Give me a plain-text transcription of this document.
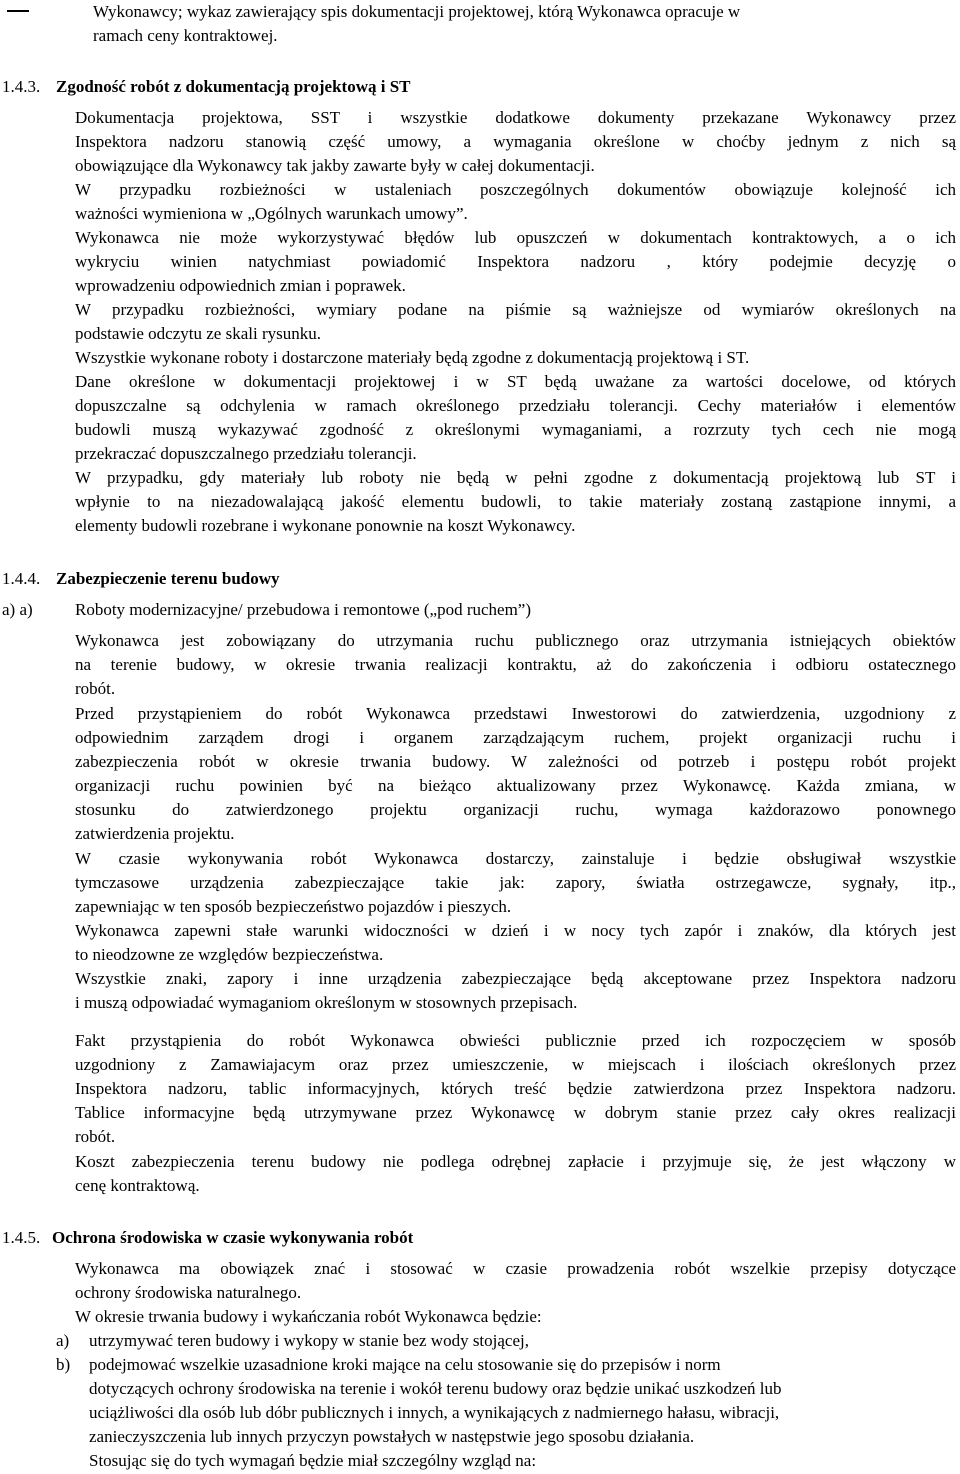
Wykonawcy; wykaz zawierający spis dokumentacji projektowej, którą Wykonawca opracuje w

ramach ceny kontraktowej.

1.4.3. Zgodność robót z dokumentacją projektową i ST

Dokumentacja projektowa, SST i wszystkie dodatkowe dokumenty przekazane Wykonawcy przez

Inspektora nadzoru stanowią część umowy, a wymagania określone w choćby jednym z nich są

obowiązujące dla Wykonawcy tak jakby zawarte były w całej dokumentacji.

W przypadku rozbieżności w ustaleniach poszczególnych dokumentów obowiązuje kolejność ich

ważności wymieniona w „Ogólnych warunkach umowy”.

Wykonawca nie może wykorzystywać błędów lub opuszczeń w dokumentach kontraktowych, a o ich

wykryciu winien natychmiast powiadomić Inspektora nadzoru , który podejmie decyzję o

wprowadzeniu odpowiednich zmian i poprawek.

W przypadku rozbieżności, wymiary podane na piśmie są ważniejsze od wymiarów określonych na

podstawie odczytu ze skali rysunku.

Wszystkie wykonane roboty i dostarczone materiały będą zgodne z dokumentacją projektową i ST.

Dane określone w dokumentacji projektowej i w ST będą uważane za wartości docelowe, od których

dopuszczalne są odchylenia w ramach określonego przedziału tolerancji. Cechy materiałów i elementów

budowli muszą wykazywać zgodność z określonymi wymaganiami, a rozrzuty tych cech nie mogą

przekraczać dopuszczalnego przedziału tolerancji.

W przypadku, gdy materiały lub roboty nie będą w pełni zgodne z dokumentacją projektową lub ST i

wpłynie to na niezadowalającą jakość elementu budowli, to takie materiały zostaną zastąpione innymi, a

elementy budowli rozebrane i wykonane ponownie na koszt Wykonawcy.

1.4.4. Zabezpieczenie terenu budowy

a) a) Roboty modernizacyjne/ przebudowa i remontowe („pod ruchem”)

Wykonawca jest zobowiązany do utrzymania ruchu publicznego oraz utrzymania istniejących obiektów

na terenie budowy, w okresie trwania realizacji kontraktu, aż do zakończenia i odbioru ostatecznego

robót.

Przed przystąpieniem do robót Wykonawca przedstawi Inwestorowi do zatwierdzenia, uzgodniony z

odpowiednim zarządem drogi i organem zarządzającym ruchem, projekt organizacji ruchu i

zabezpieczenia robót w okresie trwania budowy. W zależności od potrzeb i postępu robót projekt

organizacji ruchu powinien być na bieżąco aktualizowany przez Wykonawcę. Każda zmiana, w

stosunku do zatwierdzonego projektu organizacji ruchu, wymaga każdorazowo ponownego

zatwierdzenia projektu.

W czasie wykonywania robót Wykonawca dostarczy, zainstaluje i będzie obsługiwał wszystkie

tymczasowe urządzenia zabezpieczające takie jak: zapory, światła ostrzegawcze, sygnały, itp.,

zapewniając w ten sposób bezpieczeństwo pojazdów i pieszych.

Wykonawca zapewni stałe warunki widoczności w dzień i w nocy tych zapór i znaków, dla których jest

to nieodzowne ze względów bezpieczeństwa.

Wszystkie znaki, zapory i inne urządzenia zabezpieczające będą akceptowane przez Inspektora nadzoru

i muszą odpowiadać wymaganiom określonym w stosownych przepisach.

Fakt przystąpienia do robót Wykonawca obwieści publicznie przed ich rozpoczęciem w sposób

uzgodniony z Zamawiajacym oraz przez umieszczenie, w miejscach i ilościach określonych przez

Inspektora nadzoru, tablic informacyjnych, których treść będzie zatwierdzona przez Inspektora nadzoru.

Tablice informacyjne będą utrzymywane przez Wykonawcę w dobrym stanie przez cały okres realizacji

robót.

Koszt zabezpieczenia terenu budowy nie podlega odrębnej zapłacie i przyjmuje się, że jest włączony w

cenę kontraktową.

1.4.5. Ochrona środowiska w czasie wykonywania robót

Wykonawca ma obowiązek znać i stosować w czasie prowadzenia robót wszelkie przepisy dotyczące

ochrony środowiska naturalnego.

W okresie trwania budowy i wykańczania robót Wykonawca będzie:

a) utrzymywać teren budowy i wykopy w stanie bez wody stojącej,

b) podejmować wszelkie uzasadnione kroki mające na celu stosowanie się do przepisów i norm

dotyczących ochrony środowiska na terenie i wokół terenu budowy oraz będzie unikać uszkodzeń lub

uciążliwości dla osób lub dóbr publicznych i innych, a wynikających z nadmiernego hałasu, wibracji,

zanieczyszczenia lub innych przyczyn powstałych w następstwie jego sposobu działania.

Stosując się do tych wymagań będzie miał szczególny wzgląd na:
